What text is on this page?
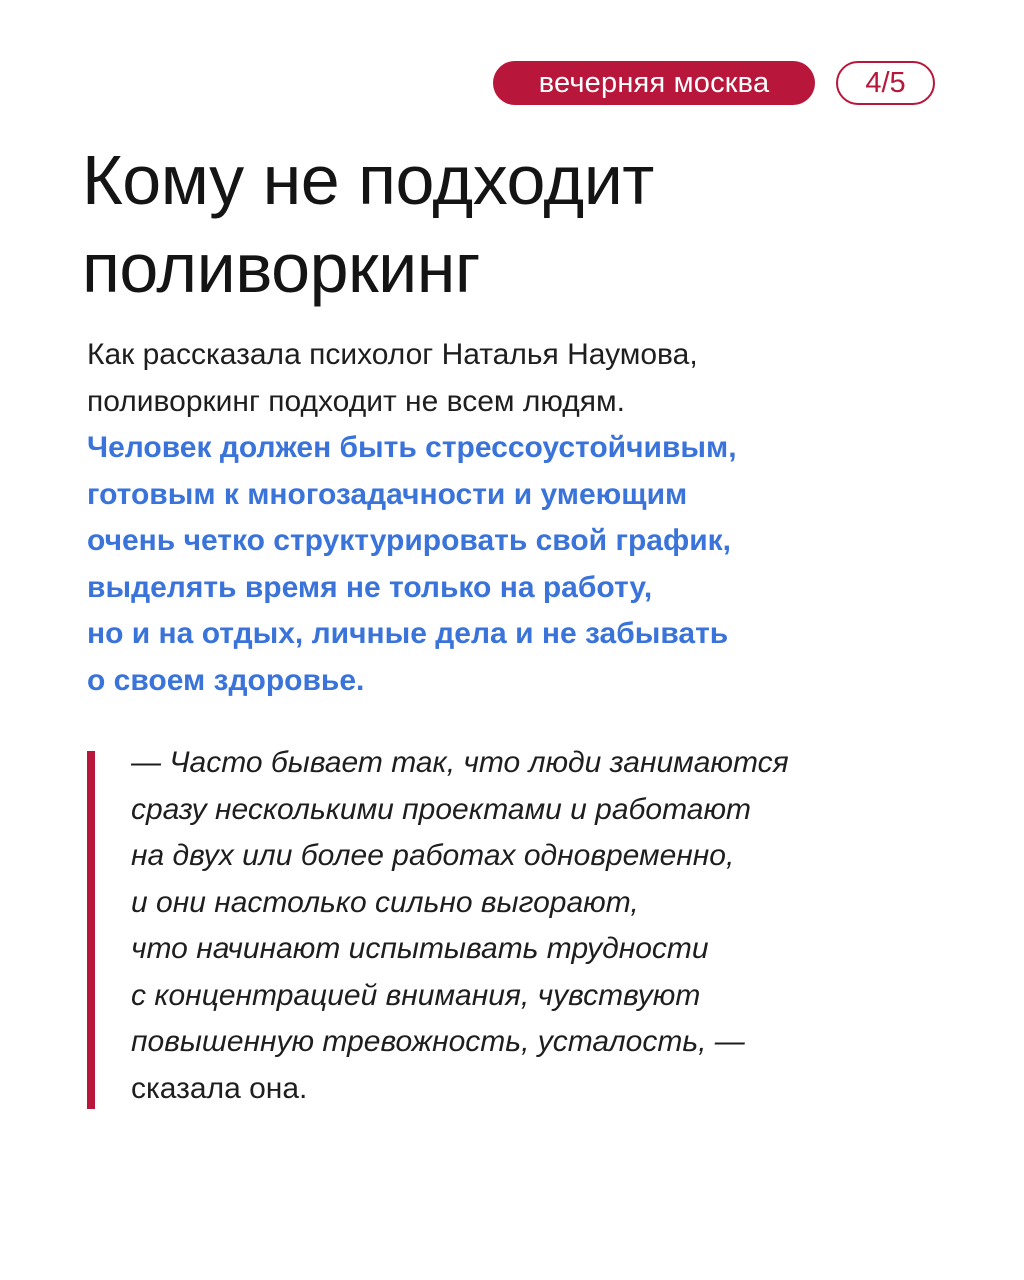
вечерняя москва	4/5
Кому не подходит
поливоркинг
Как рассказала психолог Наталья Наумова,
поливоркинг подходит не всем людям.
Человек должен быть стрессоустойчивым,
готовым к многозадачности и умеющим
очень четко структурировать свой график,
выделять время не только на работу,
но и на отдых, личные дела и не забывать
о своем здоровье.
— Часто бывает так, что люди занимаются
сразу несколькими проектами и работают
на двух или более работах одновременно,
и они настолько сильно выгорают,
что начинают испытывать трудности
с концентрацией внимания, чувствуют
повышенную тревожность, усталость, —
сказала она.
